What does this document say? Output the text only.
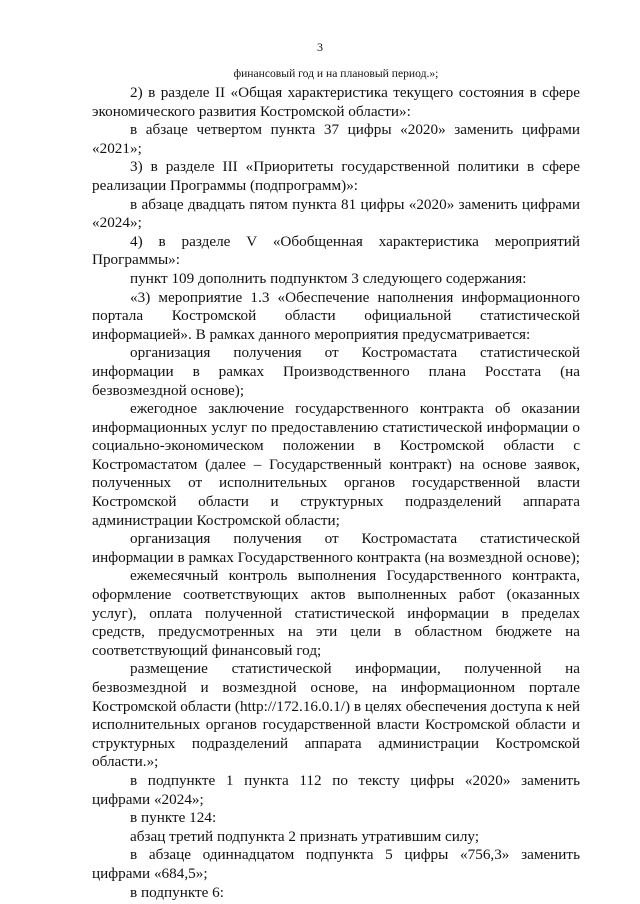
3
финансовый год и на плановый период.»;

2) в разделе II «Общая характеристика текущего состояния в сфере экономического развития Костромской области»:

в абзаце четвертом пункта 37 цифры «2020» заменить цифрами «2021»;

3) в разделе III «Приоритеты государственной политики в сфере реализации Программы (подпрограмм)»:

в абзаце двадцать пятом пункта 81 цифры «2020» заменить цифрами «2024»;

4) в разделе V «Обобщенная характеристика мероприятий Программы»:

пункт 109 дополнить подпунктом 3 следующего содержания:

«3) мероприятие 1.3 «Обеспечение наполнения информационного портала Костромской области официальной статистической информацией». В рамках данного мероприятия предусматривается:

организация получения от Костромастата статистической информации в рамках Производственного плана Росстата (на безвозмездной основе);

ежегодное заключение государственного контракта об оказании информационных услуг по предоставлению статистической информации о социально-экономическом положении в Костромской области с Костромастатом (далее – Государственный контракт) на основе заявок, полученных от исполнительных органов государственной власти Костромской области и структурных подразделений аппарата администрации Костромской области;

организация получения от Костромастата статистической информации в рамках Государственного контракта (на возмездной основе);

ежемесячный контроль выполнения Государственного контракта, оформление соответствующих актов выполненных работ (оказанных услуг), оплата полученной статистической информации в пределах средств, предусмотренных на эти цели в областном бюджете на соответствующий финансовый год;

размещение статистической информации, полученной на безвозмездной и возмездной основе, на информационном портале Костромской области (http://172.16.0.1/) в целях обеспечения доступа к ней исполнительных органов государственной власти Костромской области и структурных подразделений аппарата администрации Костромской области.»;

в подпункте 1 пункта 112 по тексту цифры «2020» заменить цифрами «2024»;

в пункте 124:

абзац третий подпункта 2 признать утратившим силу;

в абзаце одиннадцатом подпункта 5 цифры «756,3» заменить цифрами «684,5»;

в подпункте 6:
